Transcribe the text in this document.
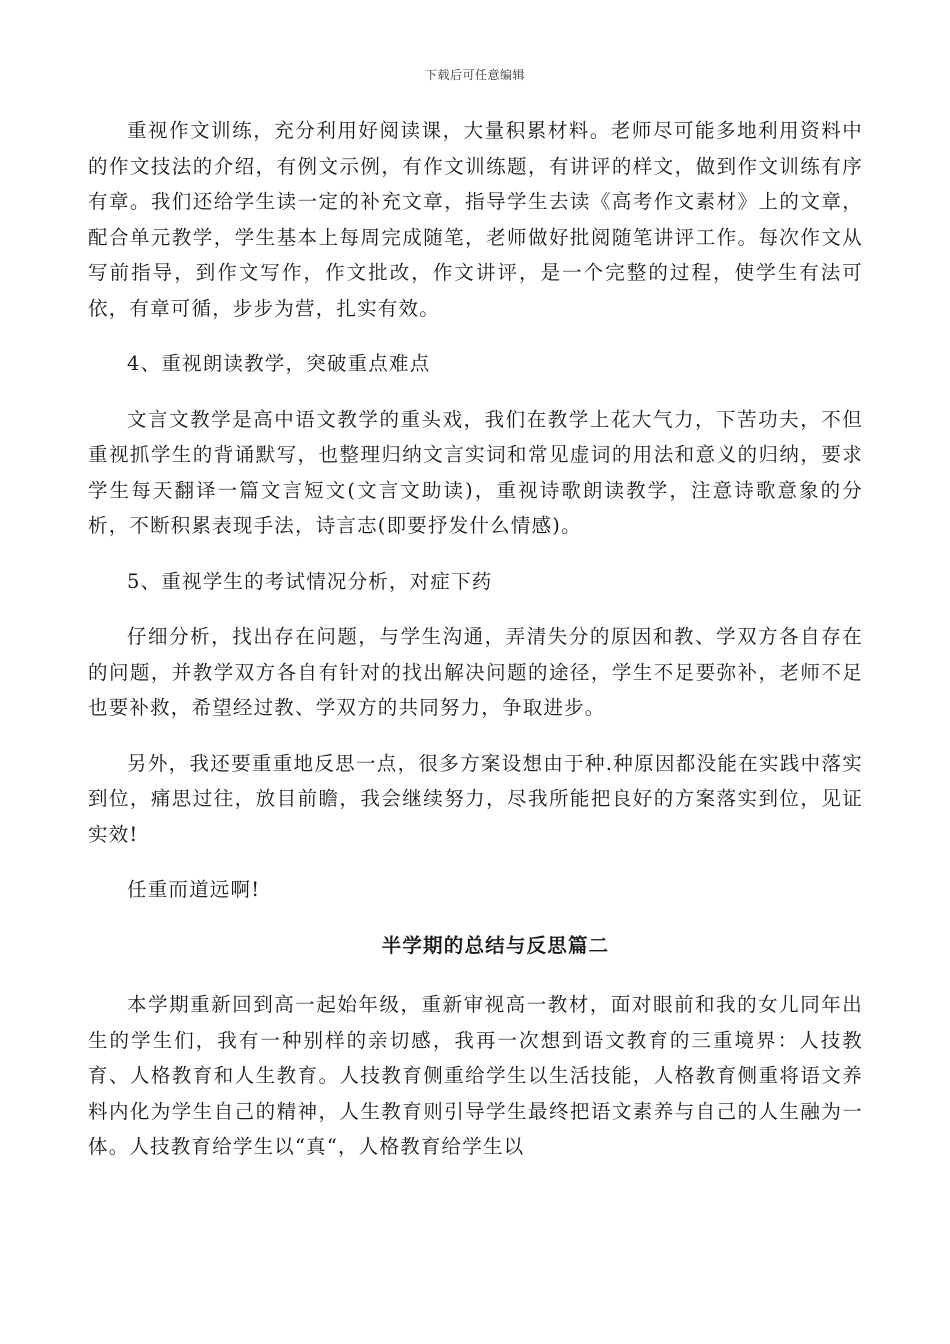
下载后可任意编辑

重视作文训练，充分利用好阅读课，大量积累材料。老师尽可能多地利用资料中的作文技法的介绍，有例文示例，有作文训练题，有讲评的样文，做到作文训练有序有章。我们还给学生读一定的补充文章，指导学生去读《高考作文素材》上的文章，配合单元教学，学生基本上每周完成随笔，老师做好批阅随笔讲评工作。每次作文从写前指导，到作文写作，作文批改，作文讲评，是一个完整的过程，使学生有法可依，有章可循，步步为营，扎实有效。

4、重视朗读教学，突破重点难点

文言文教学是高中语文教学的重头戏，我们在教学上花大气力，下苦功夫，不但重视抓学生的背诵默写，也整理归纳文言实词和常见虚词的用法和意义的归纳，要求学生每天翻译一篇文言短文(文言文助读)，重视诗歌朗读教学，注意诗歌意象的分析，不断积累表现手法，诗言志(即要抒发什么情感)。

5、重视学生的考试情况分析，对症下药

仔细分析，找出存在问题，与学生沟通，弄清失分的原因和教、学双方各自存在的问题，并教学双方各自有针对的找出解决问题的途径，学生不足要弥补，老师不足也要补救，希望经过教、学双方的共同努力，争取进步。

另外，我还要重重地反思一点，很多方案设想由于种.种原因都没能在实践中落实到位，痛思过往，放目前瞻，我会继续努力，尽我所能把良好的方案落实到位，见证实效!

任重而道远啊!

半学期的总结与反思篇二

本学期重新回到高一起始年级，重新审视高一教材，面对眼前和我的女儿同年出生的学生们，我有一种别样的亲切感，我再一次想到语文教育的三重境界：人技教育、人格教育和人生教育。人技教育侧重给学生以生活技能，人格教育侧重将语文养料内化为学生自己的精神，人生教育则引导学生最终把语文素养与自己的人生融为一体。人技教育给学生以“真“，人格教育给学生以
